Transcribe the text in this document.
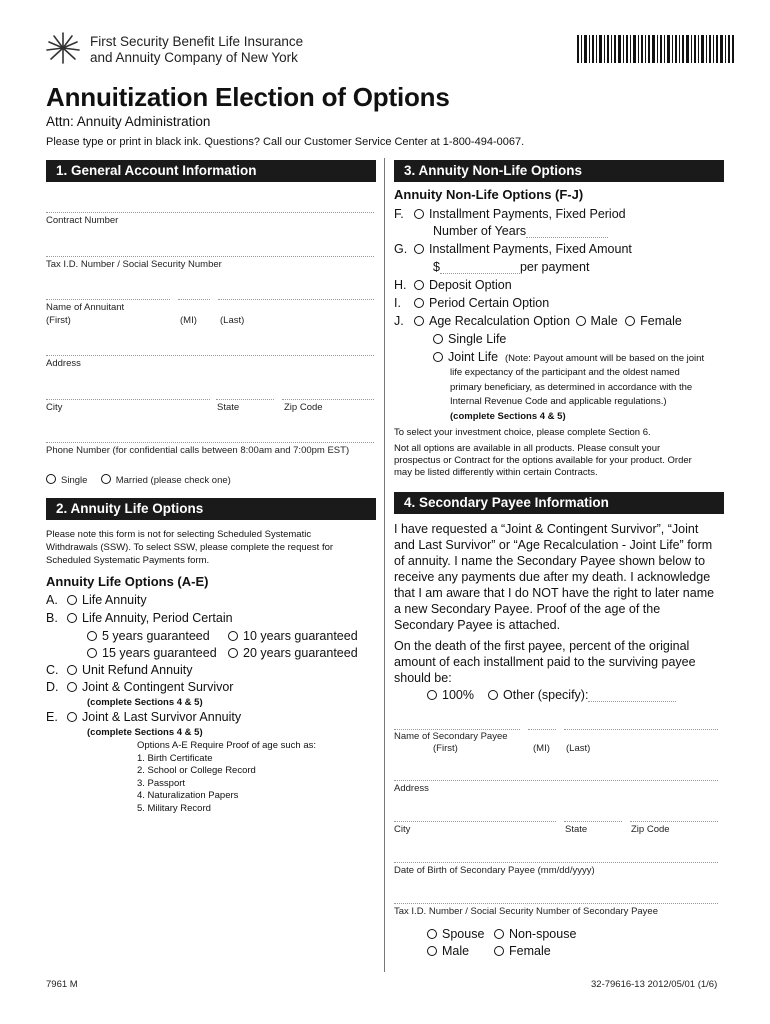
First Security Benefit Life Insurance
and Annuity Company of New York
Annuitization Election of Options
Attn: Annuity Administration
Please type or print in black ink. Questions? Call our Customer Service Center at 1-800-494-0067.
1. General Account Information
Contract Number
Tax I.D. Number / Social Security Number
Name of Annuitant
(First)	(MI) (Last)
Address
City	State	Zip Code
Phone Number (for confidential calls between 8:00am and 7:00pm EST)
Single	Married (please check one)
2. Annuity Life Options
Please note this form is not for selecting Scheduled Systematic
Withdrawals (SSW). To select SSW, please complete the request for
Scheduled Systematic Payments form.
Annuity Life Options (A-E)
A.	Life Annuity
B.	Life Annuity, Period Certain
5 years guaranteed	10 years guaranteed
15 years guaranteed	20 years guaranteed
C.	Unit Refund Annuity
D.	Joint & Contingent Survivor
(complete Sections 4 & 5)
E.	Joint & Last Survivor Annuity
(complete Sections 4 & 5)
Options A-E Require Proof of age such as:
1. Birth Certificate
2. School or College Record
3. Passport
4. Naturalization Papers
5. Military Record
3. Annuity Non-Life Options
Annuity Non-Life Options (F-J)
F.	Installment Payments, Fixed Period
Number of Years
G.	Installment Payments, Fixed Amount
$	per payment
H.	Deposit Option
I.	Period Certain Option
J.	Age Recalculation Option Male Female
Single Life
Joint Life (Note: Payout amount will be based on the joint
life expectancy of the participant and the oldest named
primary beneficiary, as determined in accordance with the
Internal Revenue Code and applicable regulations.)
(complete Sections 4 & 5)
To select your investment choice, please complete Section 6.
Not all options are available in all products. Please consult your
prospectus or Contract for the options available for your product. Order
may be listed differently within certain Contracts.
4. Secondary Payee Information
I have requested a “Joint & Contingent Survivor”, “Joint
and Last Survivor” or “Age Recalculation - Joint Life” form
of annuity. I name the Secondary Payee shown below to
receive any payments due after my death. I acknowledge
that I am aware that I do NOT have the right to later name
a new Secondary Payee. Proof of the age of the
Secondary Payee is attached.
On the death of the first payee, percent of the original
amount of each installment paid to the surviving payee
should be:
100%	Other (specify):
Name of Secondary Payee
(First)	(MI) (Last)
Address
City	State	Zip Code
Date of Birth of Secondary Payee (mm/dd/yyyy)
Tax I.D. Number / Social Security Number of Secondary Payee
Spouse	Non-spouse
Male	Female
7961 M	32-79616-13 2012/05/01 (1/6)
